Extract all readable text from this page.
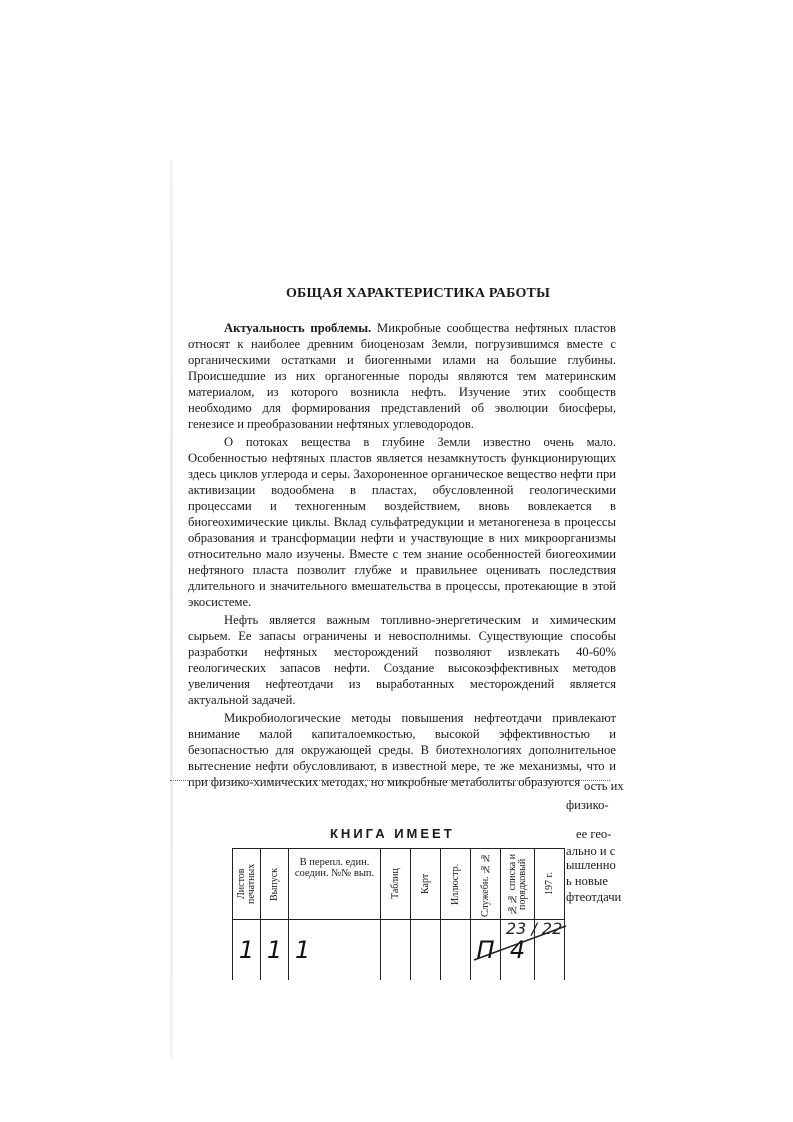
ОБЩАЯ ХАРАКТЕРИСТИКА РАБОТЫ

Актуальность проблемы. Микробные сообщества нефтяных пластов относят к наиболее древним биоценозам Земли, погрузившимся вместе с органическими остатками и биогенными илами на большие глубины. Происшедшие из них органогенные породы являются тем материнским материалом, из которого возникла нефть. Изучение этих сообществ необходимо для формирования представлений об эволюции биосферы, генезисе и преобразовании нефтяных углеводородов.

О потоках вещества в глубине Земли известно очень мало. Особенностью нефтяных пластов является незамкнутость функционирующих здесь циклов углерода и серы. Захороненное органическое вещество нефти при активизации водообмена в пластах, обусловленной геологическими процессами и техногенным воздействием, вновь вовлекается в биогеохимические циклы. Вклад сульфатредукции и метаногенеза в процессы образования и трансформации нефти и участвующие в них микроорганизмы относительно мало изучены. Вместе с тем знание особенностей биогеохимии нефтяного пласта позволит глубже и правильнее оценивать последствия длительного и значительного вмешательства в процессы, протекающие в этой экосистеме.

Нефть является важным топливно-энергетическим и химическим сырьем. Ее запасы ограничены и невосполнимы. Существующие способы разработки нефтяных месторождений позволяют извлекать 40-60% геологических запасов нефти. Создание высокоэффективных методов увеличения нефтеотдачи из выработанных месторождений является актуальной задачей.

Микробиологические методы повышения нефтеотдачи привлекают внимание малой капиталоемкостью, высокой эффективностью и безопасностью для окружающей среды. В биотехнологиях дополнительное вытеснение нефти обусловливают, в известной мере, те же механизмы, что и при физико-химических методах, но микробные метаболиты образуются ость их
физико-
ее гео-
ально и с
ышленно
ь новые
фтеотдачи
КНИГА ИМЕЕТ
Листов печатных	Выпуск	В перепл. един. соедин. №№ вып.	Таблиц	Карт	Иллюстр.	Служебн. №№	№№ списка и порядковый	197 г.

1	1	1				П	4	

23 / 22
